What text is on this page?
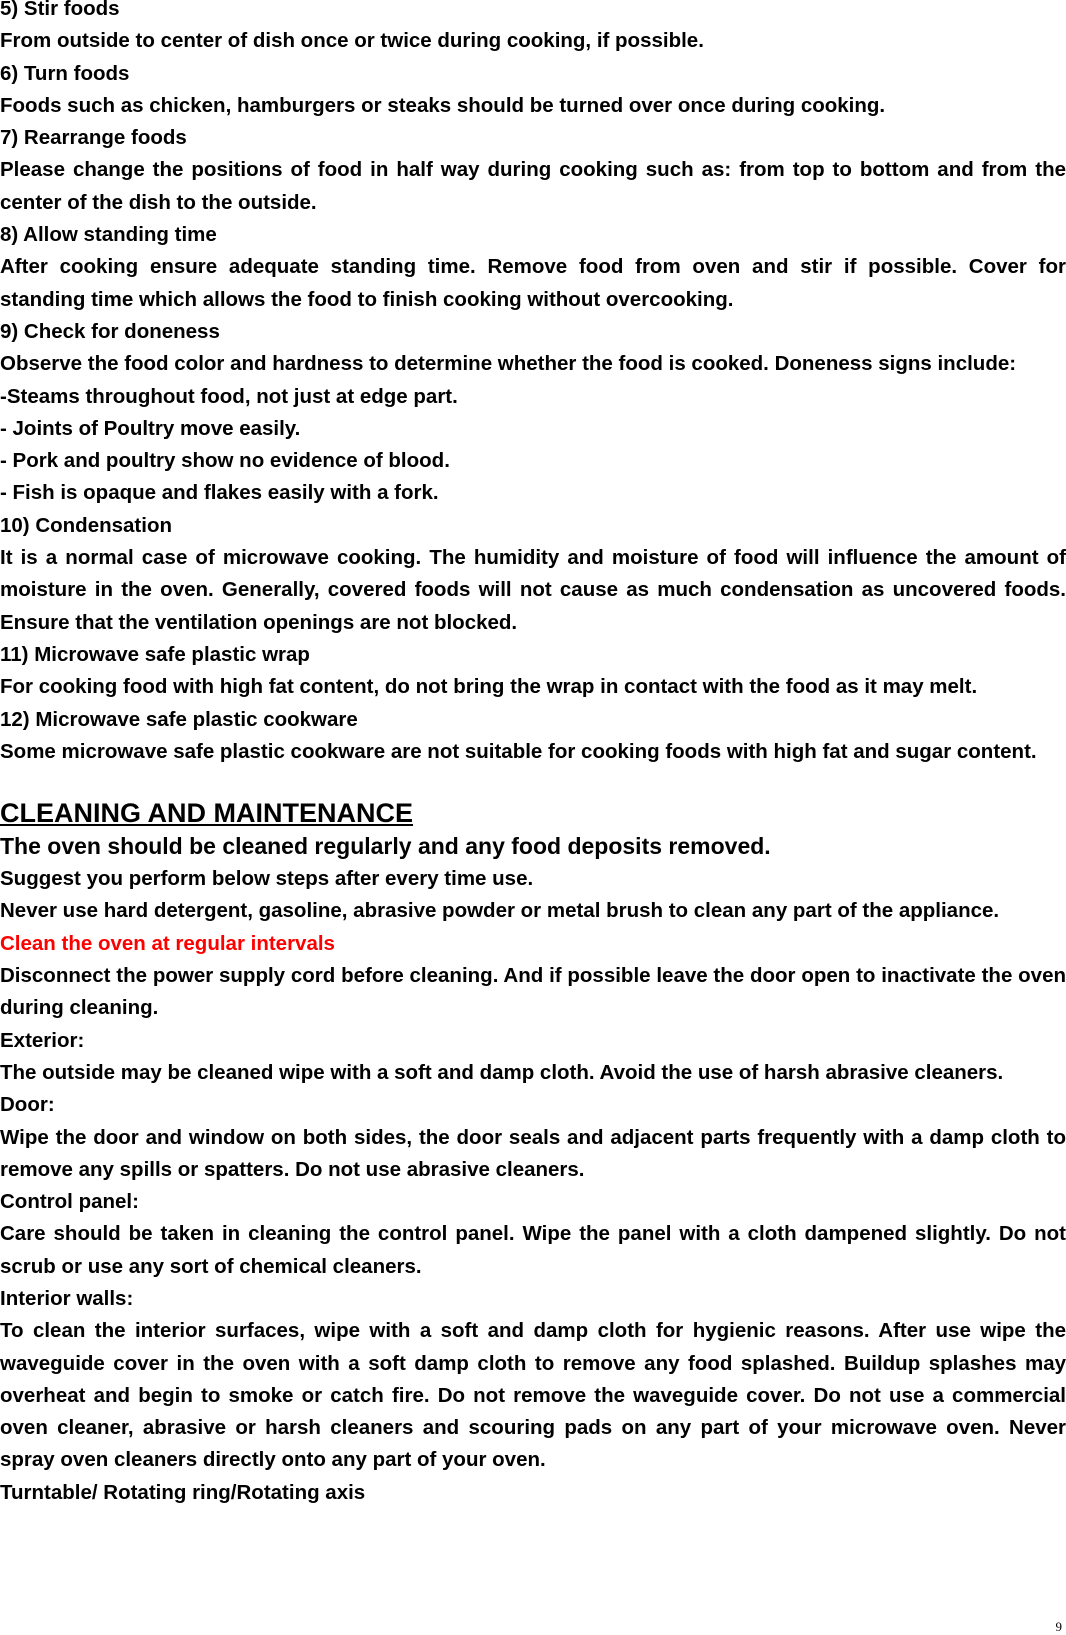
5) Stir foods
From outside to center of dish once or twice during cooking, if possible.
6) Turn foods
Foods such as chicken, hamburgers or steaks should be turned over once during cooking.
7) Rearrange foods
Please change the positions of food in half way during cooking such as: from top to bottom and from the center of the dish to the outside.
8) Allow standing time
After cooking ensure adequate standing time. Remove food from oven and stir if possible. Cover for standing time which allows the food to finish cooking without overcooking.
9) Check for doneness
Observe the food color and hardness to determine whether the food is cooked. Doneness signs include:
-Steams throughout food, not just at edge part.
- Joints of Poultry move easily.
- Pork and poultry show no evidence of blood.
- Fish is opaque and flakes easily with a fork.
10) Condensation
It is a normal case of microwave cooking. The humidity and moisture of food will influence the amount of moisture in the oven. Generally, covered foods will not cause as much condensation as uncovered foods. Ensure that the ventilation openings are not blocked.
11) Microwave safe plastic wrap
For cooking food with high fat content, do not bring the wrap in contact with the food as it may melt.
12) Microwave safe plastic cookware
Some microwave safe plastic cookware are not suitable for cooking foods with high fat and sugar content.
CLEANING AND MAINTENANCE
The oven should be cleaned regularly and any food deposits removed.
Suggest you perform below steps after every time use.
Never use hard detergent, gasoline, abrasive powder or metal brush to clean any part of the appliance.
Clean the oven at regular intervals
Disconnect the power supply cord before cleaning. And if possible leave the door open to inactivate the oven during cleaning.
Exterior:
The outside may be cleaned wipe with a soft and damp cloth. Avoid the use of harsh abrasive cleaners.
Door:
Wipe the door and window on both sides, the door seals and adjacent parts frequently with a damp cloth to remove any spills or spatters. Do not use abrasive cleaners.
Control panel:
Care should be taken in cleaning the control panel. Wipe the panel with a cloth dampened slightly. Do not scrub or use any sort of chemical cleaners.
Interior walls:
To clean the interior surfaces, wipe with a soft and damp cloth for hygienic reasons. After use wipe the waveguide cover in the oven with a soft damp cloth to remove any food splashed. Buildup splashes may overheat and begin to smoke or catch fire. Do not remove the waveguide cover. Do not use a commercial oven cleaner, abrasive or harsh cleaners and scouring pads on any part of your microwave oven. Never spray oven cleaners directly onto any part of your oven.
Turntable/ Rotating ring/Rotating axis
9
